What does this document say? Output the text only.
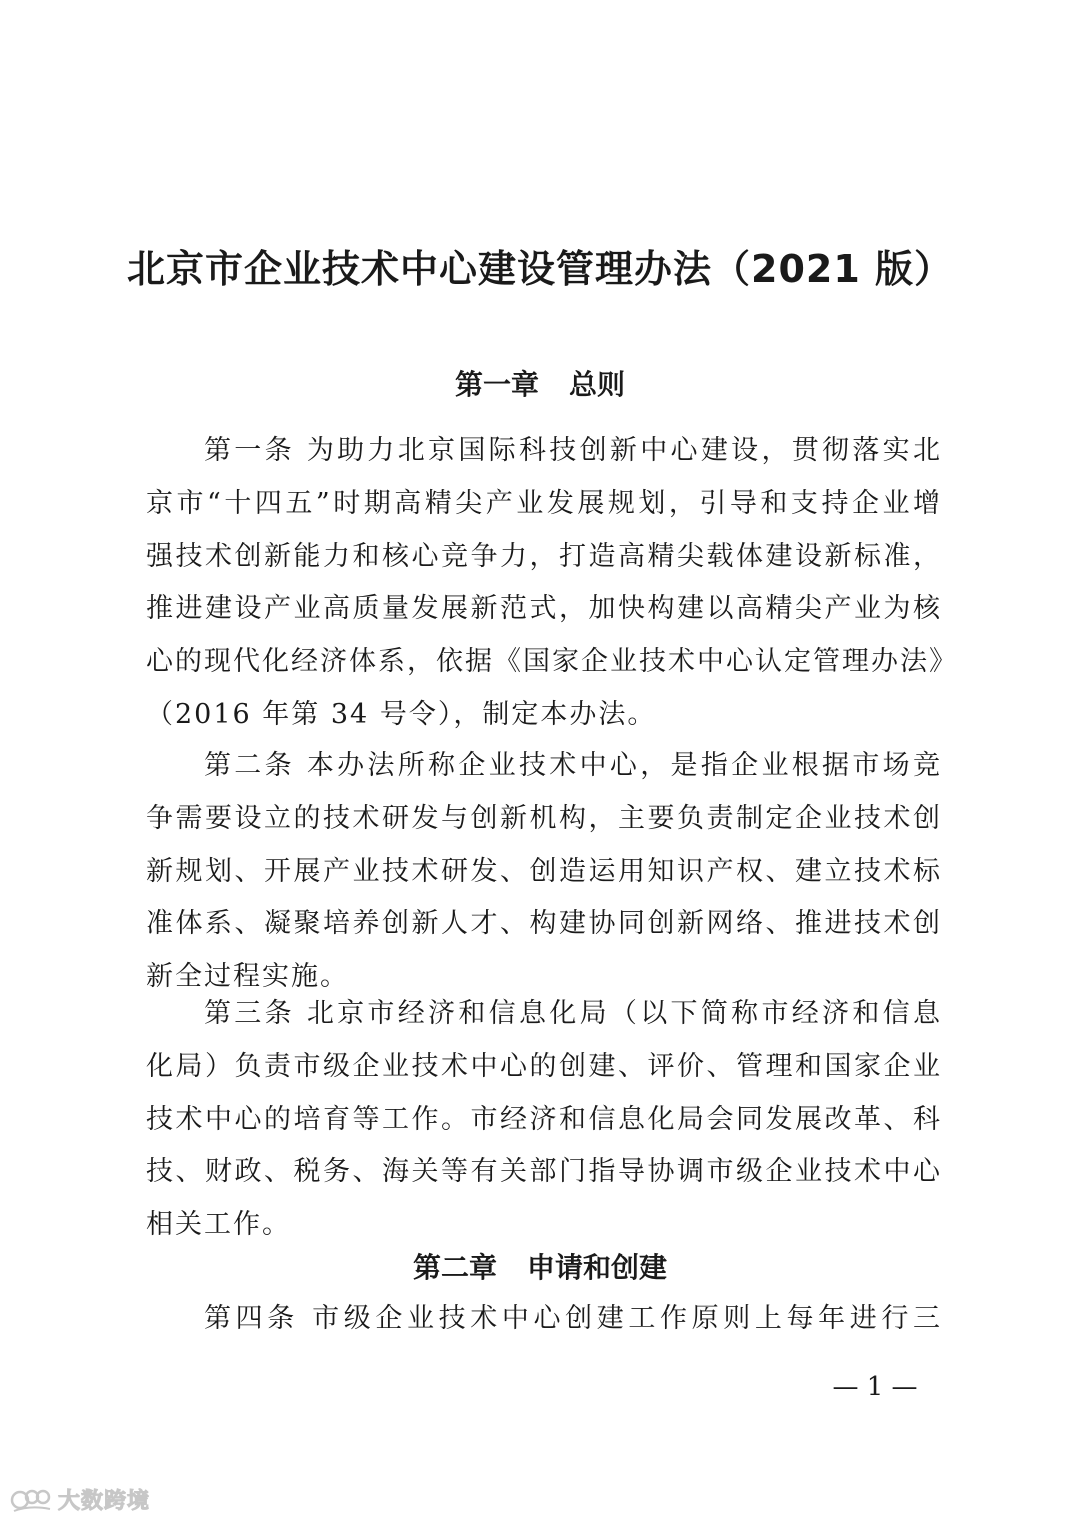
北京市企业技术中心建设管理办法（2021 版）
第一章 总则
第一条 为助力北京国际科技创新中心建设，贯彻落实北
京市“十四五”时期高精尖产业发展规划，引导和支持企业增
强技术创新能力和核心竞争力，打造高精尖载体建设新标准，
推进建设产业高质量发展新范式，加快构建以高精尖产业为核
心的现代化经济体系，依据《国家企业技术中心认定管理办法》
（2016 年第 34 号令），制定本办法。
第二条 本办法所称企业技术中心，是指企业根据市场竞
争需要设立的技术研发与创新机构，主要负责制定企业技术创
新规划、开展产业技术研发、创造运用知识产权、建立技术标
准体系、凝聚培养创新人才、构建协同创新网络、推进技术创
新全过程实施。
第三条 北京市经济和信息化局（以下简称市经济和信息
化局）负责市级企业技术中心的创建、评价、管理和国家企业
技术中心的培育等工作。市经济和信息化局会同发展改革、科
技、财政、税务、海关等有关部门指导协调市级企业技术中心
相关工作。
第二章 申请和创建
第四条 市级企业技术中心创建工作原则上每年进行三
— 1 —
大数跨境
